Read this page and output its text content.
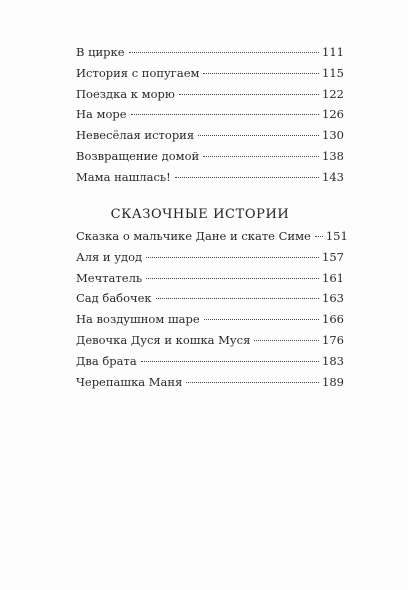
В цирке	111
История с попугаем	115
Поездка к морю	122
На море	126
Невесёлая история	130
Возвращение домой	138
Мама нашлась!	143
СКАЗОЧНЫЕ ИСТОРИИ
Сказка о мальчике Дане и скате Симе 151
Аля и удод	157
Мечтатель	161
Сад бабочек	163
На воздушном шаре	166
Девочка Дуся и кошка Муся	176
Два брата	183
Черепашка Маня	189
